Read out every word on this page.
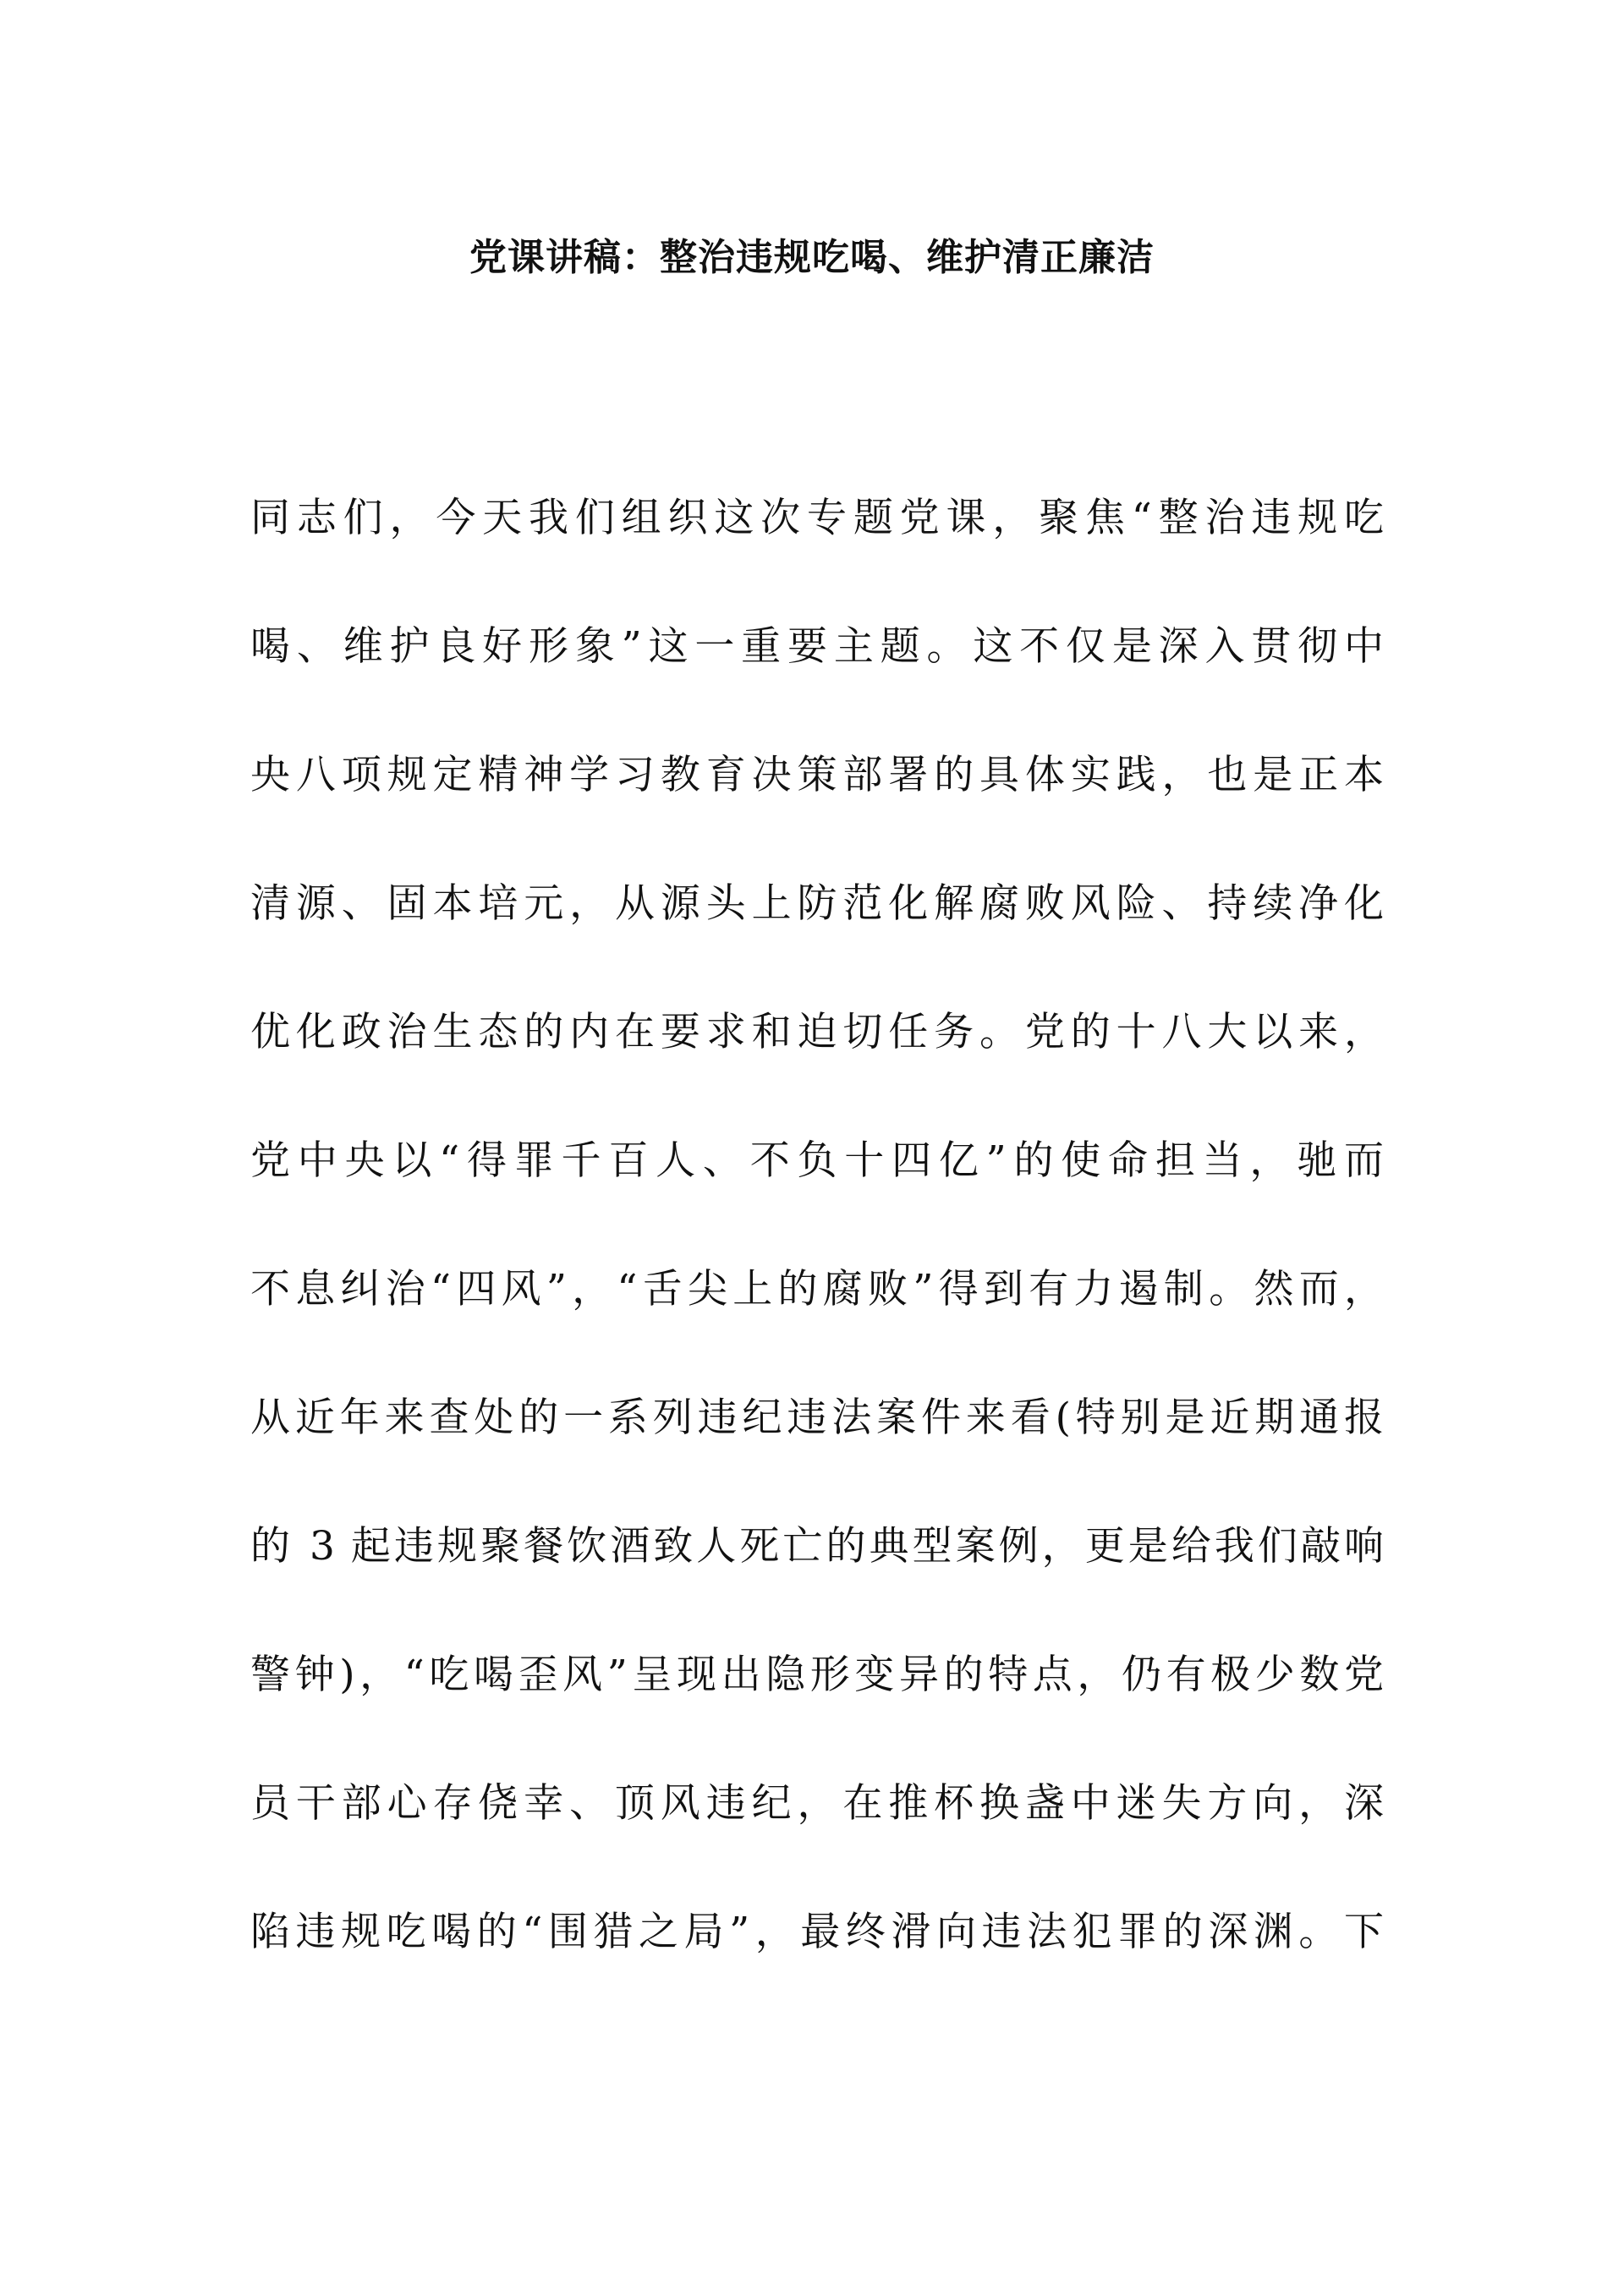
党课讲稿：整治违规吃喝、维护清正廉洁
同志们，今天我们组织这次专题党课，聚焦“整治违规吃
喝、维护良好形象”这一重要主题。这不仅是深入贯彻中
央八项规定精神学习教育决策部署的具体实践，也是正本
清源、固本培元，从源头上防范化解腐败风险、持续净化
优化政治生态的内在要求和迫切任务。党的十八大以来，
党中央以“得罪千百人、不负十四亿”的使命担当，驰而
不息纠治“四风”，“舌尖上的腐败”得到有力遏制。然而，
从近年来查处的一系列违纪违法案件来看(特别是近期通报
的 3 起违规聚餐饮酒致人死亡的典型案例，更是给我们敲响
警钟)，“吃喝歪风”呈现出隐形变异的特点，仍有极少数党
员干部心存侥幸、顶风违纪，在推杯换盏中迷失方向，深
陷违规吃喝的“围猎之局”，最终滑向违法犯罪的深渊。下
